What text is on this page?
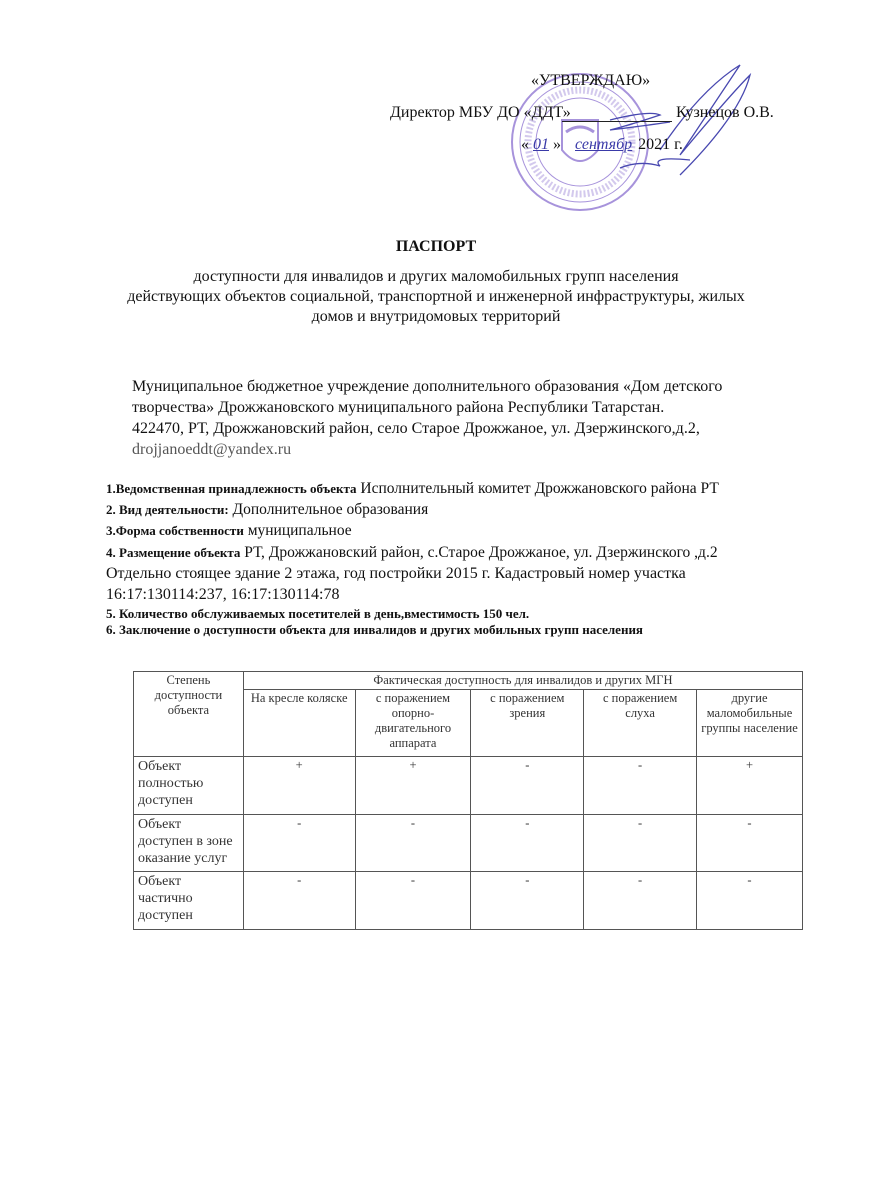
«УТВЕРЖДАЮ»
Директор МБУ ДО «ДДТ»	Кузнецов О.В.
« 01 » сентябр 2021 г.
ПАСПОРТ
доступности для инвалидов и других маломобильных групп населения
действующих объектов социальной, транспортной и инженерной инфраструктуры, жилых
домов и внутридомовых территорий
Муниципальное бюджетное учреждение дополнительного образования «Дом детского
творчества» Дрожжановского муниципального района Республики Татарстан.
422470, РТ, Дрожжановский район, село Старое Дрожжаное, ул. Дзержинского,д.2,
drojjanoeddt@yandex.ru
1.Ведомственная принадлежность объекта Исполнительный комитет Дрожжановского района РТ
2. Вид деятельности: Дополнительное образования
3.Форма собственности муниципальное
4. Размещение объекта РТ, Дрожжановский район, с.Старое Дрожжаное, ул. Дзержинского ,д.2
Отдельно стоящее здание 2 этажа, год постройки 2015 г. Кадастровый номер участка
16:17:130114:237, 16:17:130114:78
5. Количество обслуживаемых посетителей в день,вместимость 150 чел.
6. Заключение о доступности объекта для инвалидов и других мобильных групп населения
Степень доступности объекта	Фактическая доступность для инвалидов и других МГН				
	На кресле коляске	с поражением опорно-двигательного аппарата	с поражением зрения	с поражением слуха	другие маломобильные группы население
Объект полностью доступен	+	+	-	-	+
Объект доступен в зоне оказание услуг	-	-	-	-	-
Объект частично доступен	-	-	-	-	-
